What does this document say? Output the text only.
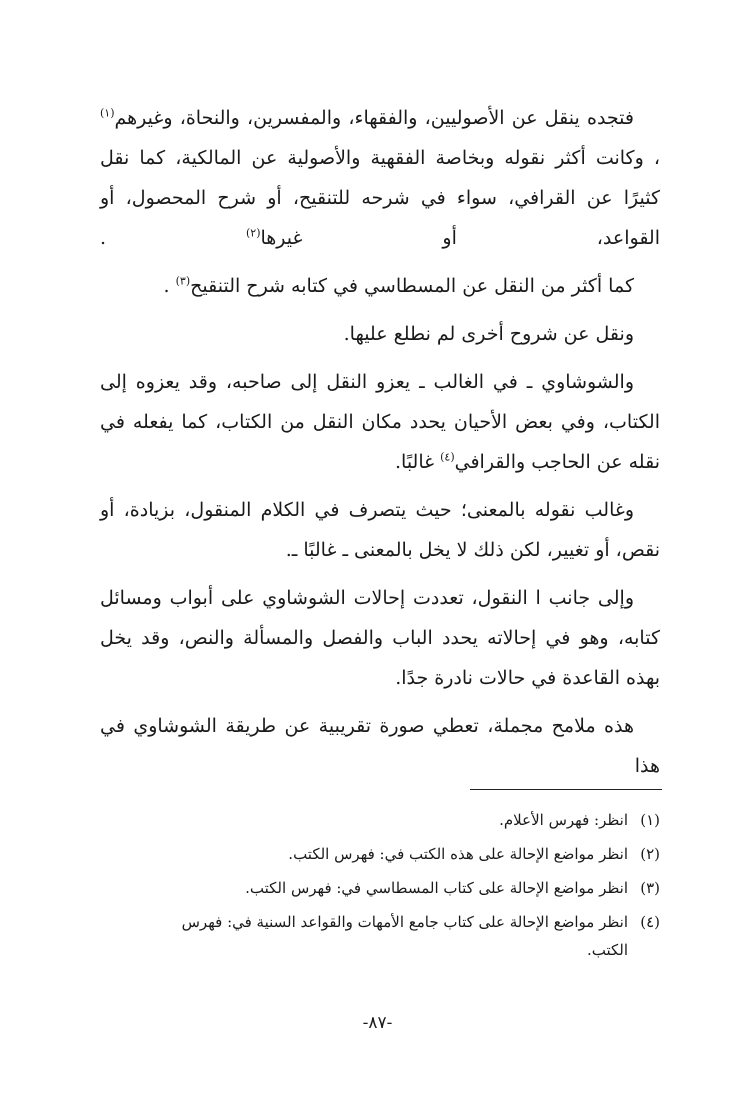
فتجده ينقل عن الأصوليين، والفقهاء، والمفسرين، والنحاة، وغيرهم$^{(١)}$ ، وكانت أكثر نقوله وبخاصة الفقهية والأصولية عن المالكية، كما نقل كثيرًا عن القرافي، سواء في شرحه للتنقيح، أو شرح المحصول، أو القواعد، أو غيرها$^{(٢)}$ .

كما أكثر من النقل عن المسطاسي في كتابه شرح التنقيح$^{(٣)}$ .

ونقل عن شروح أخرى لم نطلع عليها.

والشوشاوي ـ في الغالب ـ يعزو النقل إلى صاحبه، وقد يعزوه إلى الكتاب، وفي بعض الأحيان يحدد مكان النقل من الكتاب، كما يفعله في نقله عن الحاجب والقرافي$^{(٤)}$ غالبًا.

وغالب نقوله بالمعنى؛ حيث يتصرف في الكلام المنقول، بزيادة، أو نقص، أو تغيير، لكن ذلك لا يخل بالمعنى ـ غالبًا ـ.

وإلى جانب ا النقول، تعددت إحالات الشوشاوي على أبواب ومسائل كتابه، وهو في إحالاته يحدد الباب والفصل والمسألة والنص، وقد يخل بهذه القاعدة في حالات نادرة جدًا.

هذه ملامح مجملة، تعطي صورة تقريبية عن طريقة الشوشاوي في هذا

(١)انظر: فهرس الأعلام.

(٢)انظر مواضع الإحالة على هذه الكتب في: فهرس الكتب.

(٣)انظر مواضع الإحالة على كتاب المسطاسي في: فهرس الكتب.

(٤)انظر مواضع الإحالة على كتاب جامع الأمهات والقواعد السنية في: فهرس
الكتب.

-٨٧-
